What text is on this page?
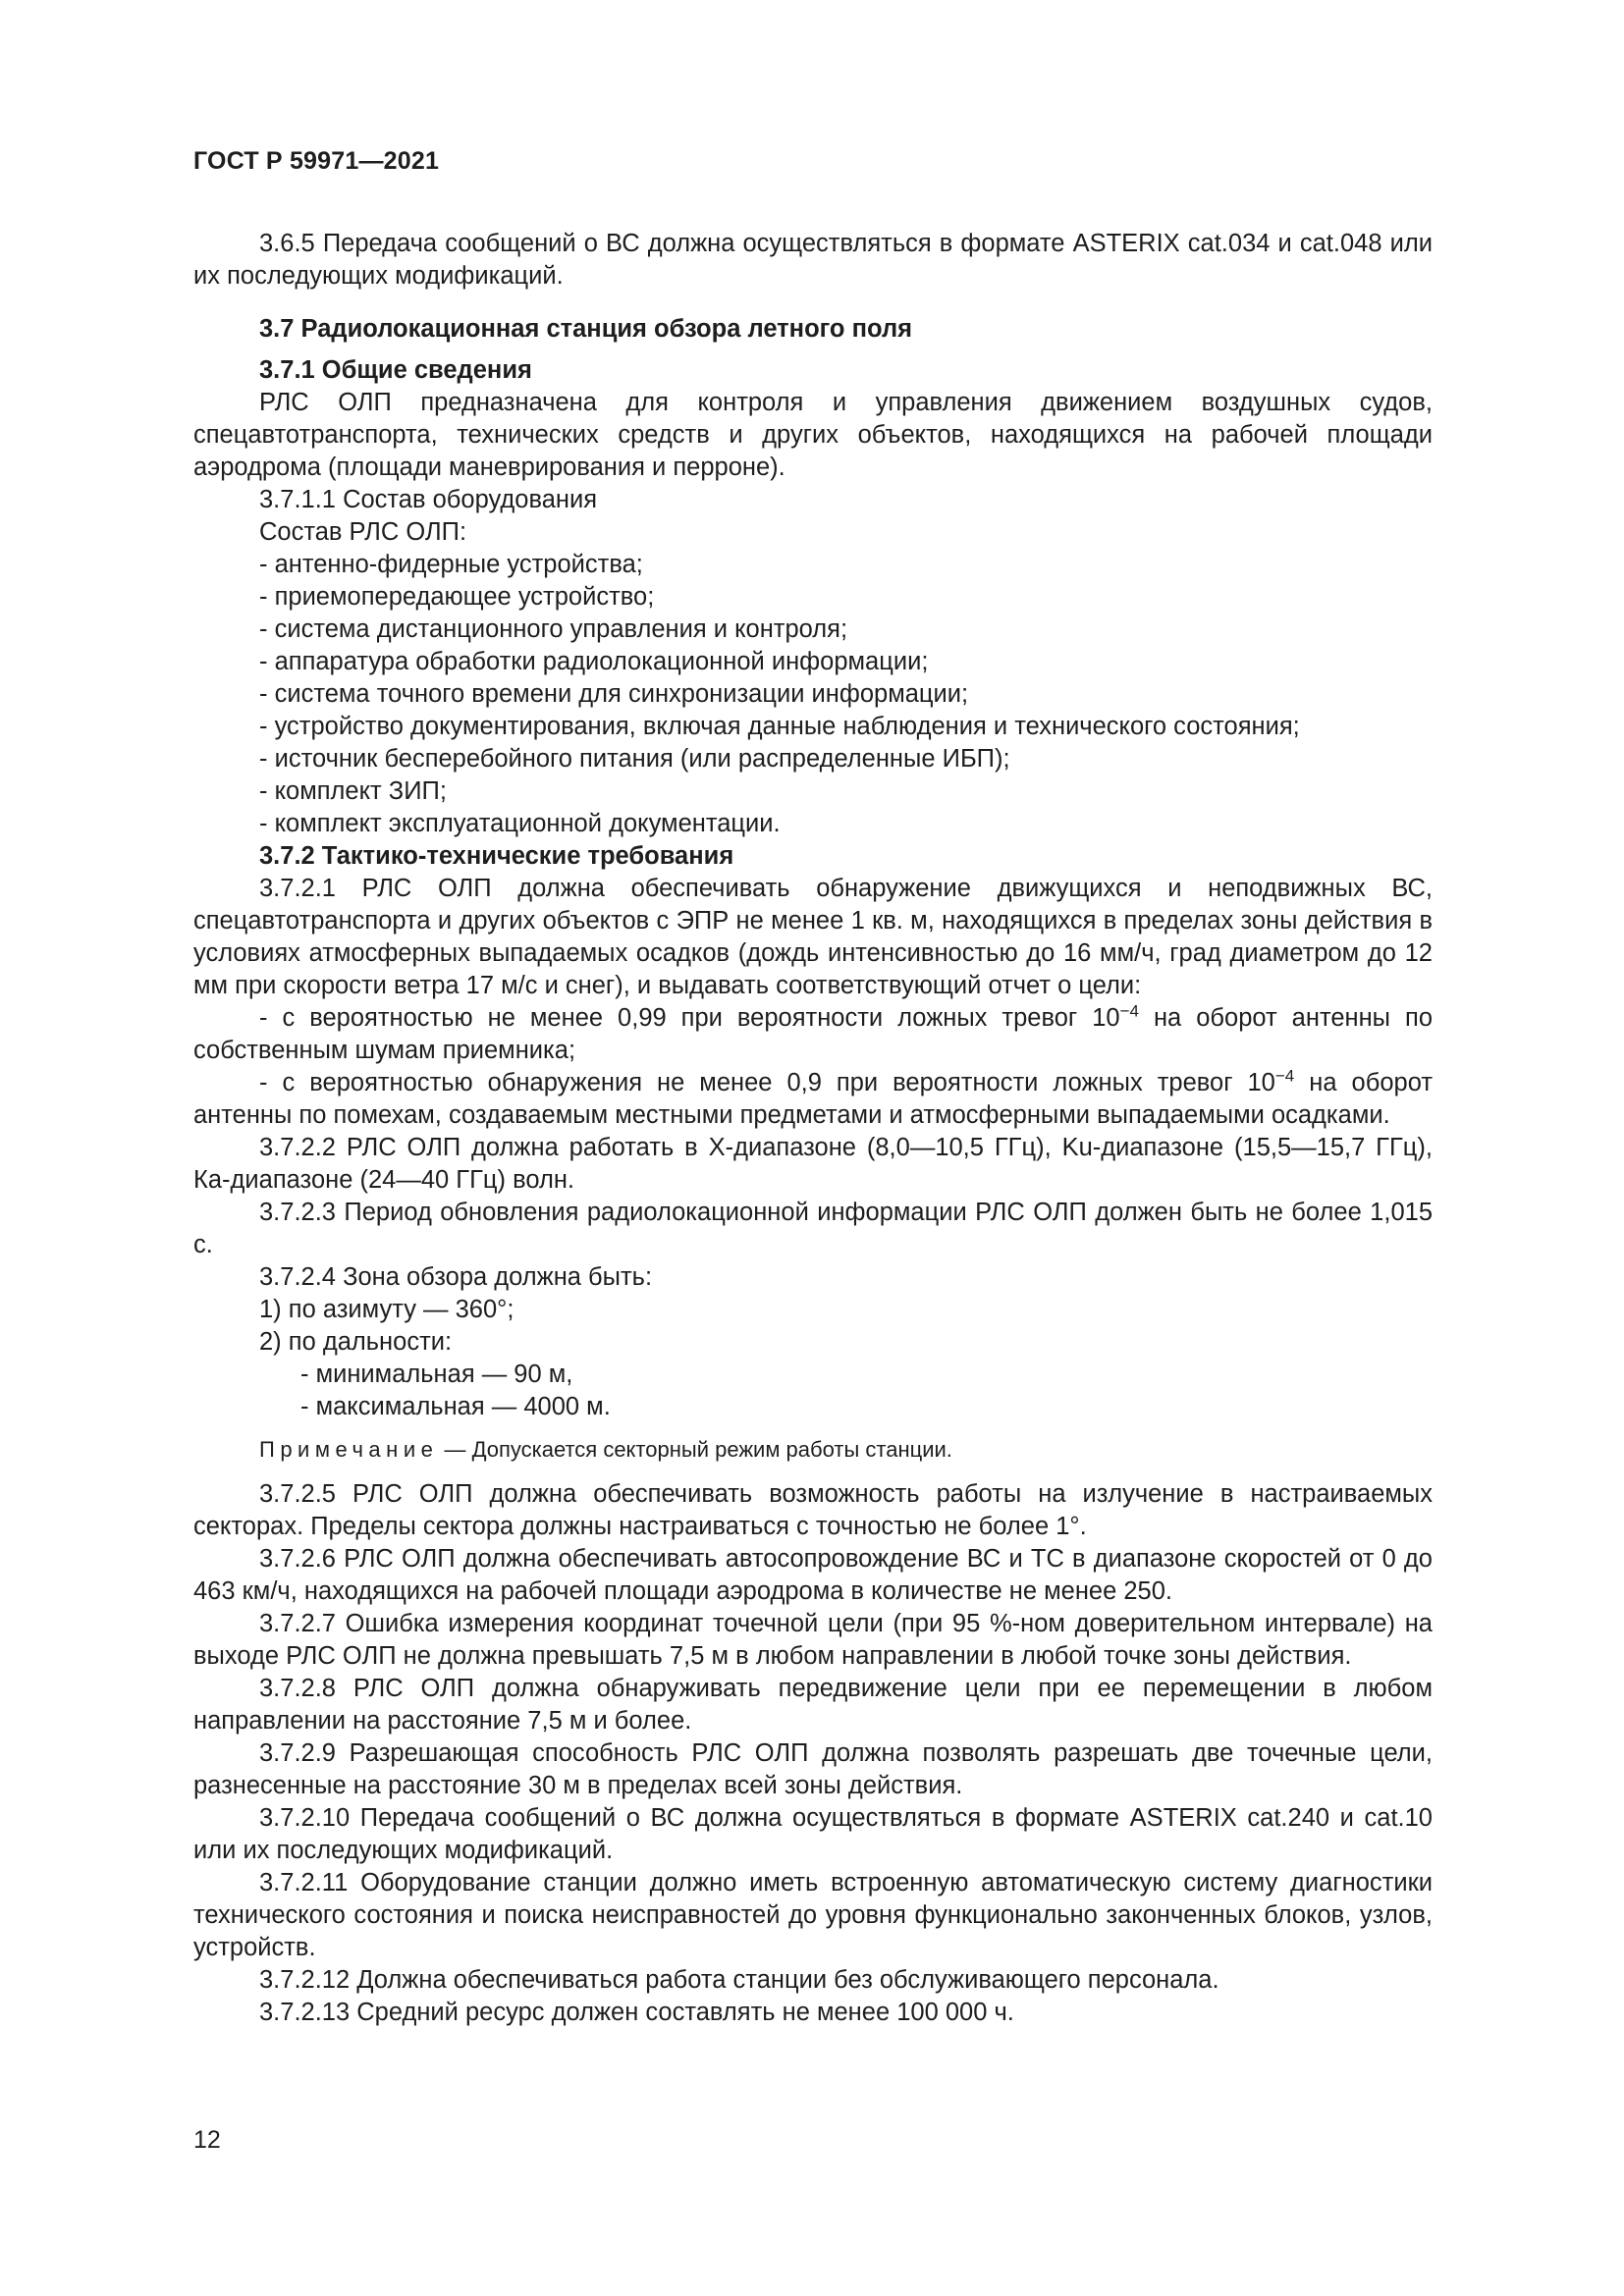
ГОСТ Р 59971—2021

3.6.5 Передача сообщений о ВС должна осуществляться в формате ASTERIX cat.034 и cat.048 или их последующих модификаций.

3.7 Радиолокационная станция обзора летного поля

3.7.1 Общие сведения

РЛС ОЛП предназначена для контроля и управления движением воздушных судов, спецавтотранспорта, технических средств и других объектов, находящихся на рабочей площади аэродрома (площади маневрирования и перроне).

3.7.1.1 Состав оборудования

Состав РЛС ОЛП:

- антенно-фидерные устройства;

- приемопередающее устройство;

- система дистанционного управления и контроля;

- аппаратура обработки радиолокационной информации;

- система точного времени для синхронизации информации;

- устройство документирования, включая данные наблюдения и технического состояния;

- источник бесперебойного питания (или распределенные ИБП);

- комплект ЗИП;

- комплект эксплуатационной документации.

3.7.2 Тактико-технические требования

3.7.2.1 РЛС ОЛП должна обеспечивать обнаружение движущихся и неподвижных ВС, спецавтотранспорта и других объектов с ЭПР не менее 1 кв. м, находящихся в пределах зоны действия в условиях атмосферных выпадаемых осадков (дождь интенсивностью до 16 мм/ч, град диаметром до 12 мм при скорости ветра 17 м/с и снег), и выдавать соответствующий отчет о цели:

- с вероятностью не менее 0,99 при вероятности ложных тревог $10^{-4}$ на оборот антенны по собственным шумам приемника;

- с вероятностью обнаружения не менее 0,9 при вероятности ложных тревог $10^{-4}$ на оборот антенны по помехам, создаваемым местными предметами и атмосферными выпадаемыми осадками.

3.7.2.2 РЛС ОЛП должна работать в X-диапазоне (8,0—10,5 ГГц), Ku-диапазоне (15,5—15,7 ГГц), Ка-диапазоне (24—40 ГГц) волн.

3.7.2.3 Период обновления радиолокационной информации РЛС ОЛП должен быть не более 1,015 с.

3.7.2.4 Зона обзора должна быть:

1) по азимуту — 360°;

2) по дальности:

- минимальная — 90 м,

- максимальная — 4000 м.

Примечание — Допускается секторный режим работы станции.

3.7.2.5 РЛС ОЛП должна обеспечивать возможность работы на излучение в настраиваемых секторах. Пределы сектора должны настраиваться с точностью не более 1°.

3.7.2.6 РЛС ОЛП должна обеспечивать автосопровождение ВС и ТС в диапазоне скоростей от 0 до 463 км/ч, находящихся на рабочей площади аэродрома в количестве не менее 250.

3.7.2.7 Ошибка измерения координат точечной цели (при 95 %-ном доверительном интервале) на выходе РЛС ОЛП не должна превышать 7,5 м в любом направлении в любой точке зоны действия.

3.7.2.8 РЛС ОЛП должна обнаруживать передвижение цели при ее перемещении в любом направлении на расстояние 7,5 м и более.

3.7.2.9 Разрешающая способность РЛС ОЛП должна позволять разрешать две точечные цели, разнесенные на расстояние 30 м в пределах всей зоны действия.

3.7.2.10 Передача сообщений о ВС должна осуществляться в формате ASTERIX cat.240 и cat.10 или их последующих модификаций.

3.7.2.11 Оборудование станции должно иметь встроенную автоматическую систему диагностики технического состояния и поиска неисправностей до уровня функционально законченных блоков, узлов, устройств.

3.7.2.12 Должна обеспечиваться работа станции без обслуживающего персонала.

3.7.2.13 Средний ресурс должен составлять не менее 100 000 ч.

12
